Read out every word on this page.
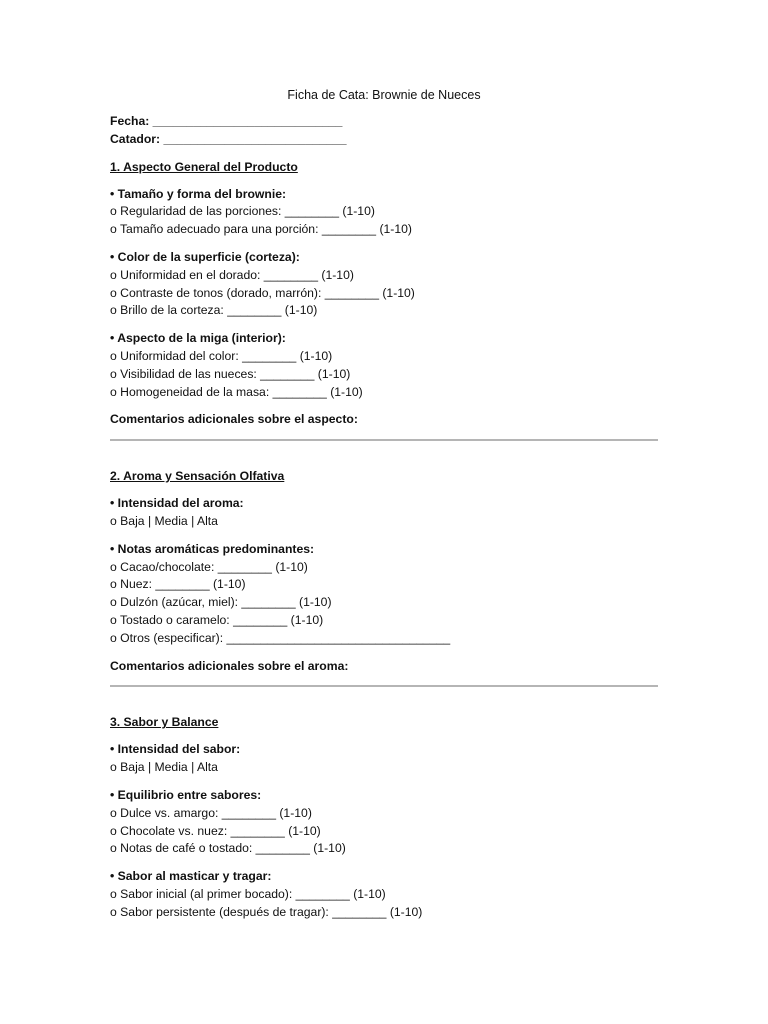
Ficha de Cata: Brownie de Nueces
Fecha: ____________________________
Catador: ___________________________
1. Aspecto General del Producto
• Tamaño y forma del brownie:
o Regularidad de las porciones: ________ (1-10)
o Tamaño adecuado para una porción: ________ (1-10)
• Color de la superficie (corteza):
o Uniformidad en el dorado: ________ (1-10)
o Contraste de tonos (dorado, marrón): ________ (1-10)
o Brillo de la corteza: ________ (1-10)
• Aspecto de la miga (interior):
o Uniformidad del color: ________ (1-10)
o Visibilidad de las nueces: ________ (1-10)
o Homogeneidad de la masa: ________ (1-10)
Comentarios adicionales sobre el aspecto:
2. Aroma y Sensación Olfativa
• Intensidad del aroma:
o Baja | Media | Alta
• Notas aromáticas predominantes:
o Cacao/chocolate: ________ (1-10)
o Nuez: ________ (1-10)
o Dulzón (azúcar, miel): ________ (1-10)
o Tostado o caramelo: ________ (1-10)
o Otros (especificar): _________________________________
Comentarios adicionales sobre el aroma:
3. Sabor y Balance
• Intensidad del sabor:
o Baja | Media | Alta
• Equilibrio entre sabores:
o Dulce vs. amargo: ________ (1-10)
o Chocolate vs. nuez: ________ (1-10)
o Notas de café o tostado: ________ (1-10)
• Sabor al masticar y tragar:
o Sabor inicial (al primer bocado): ________ (1-10)
o Sabor persistente (después de tragar): ________ (1-10)
